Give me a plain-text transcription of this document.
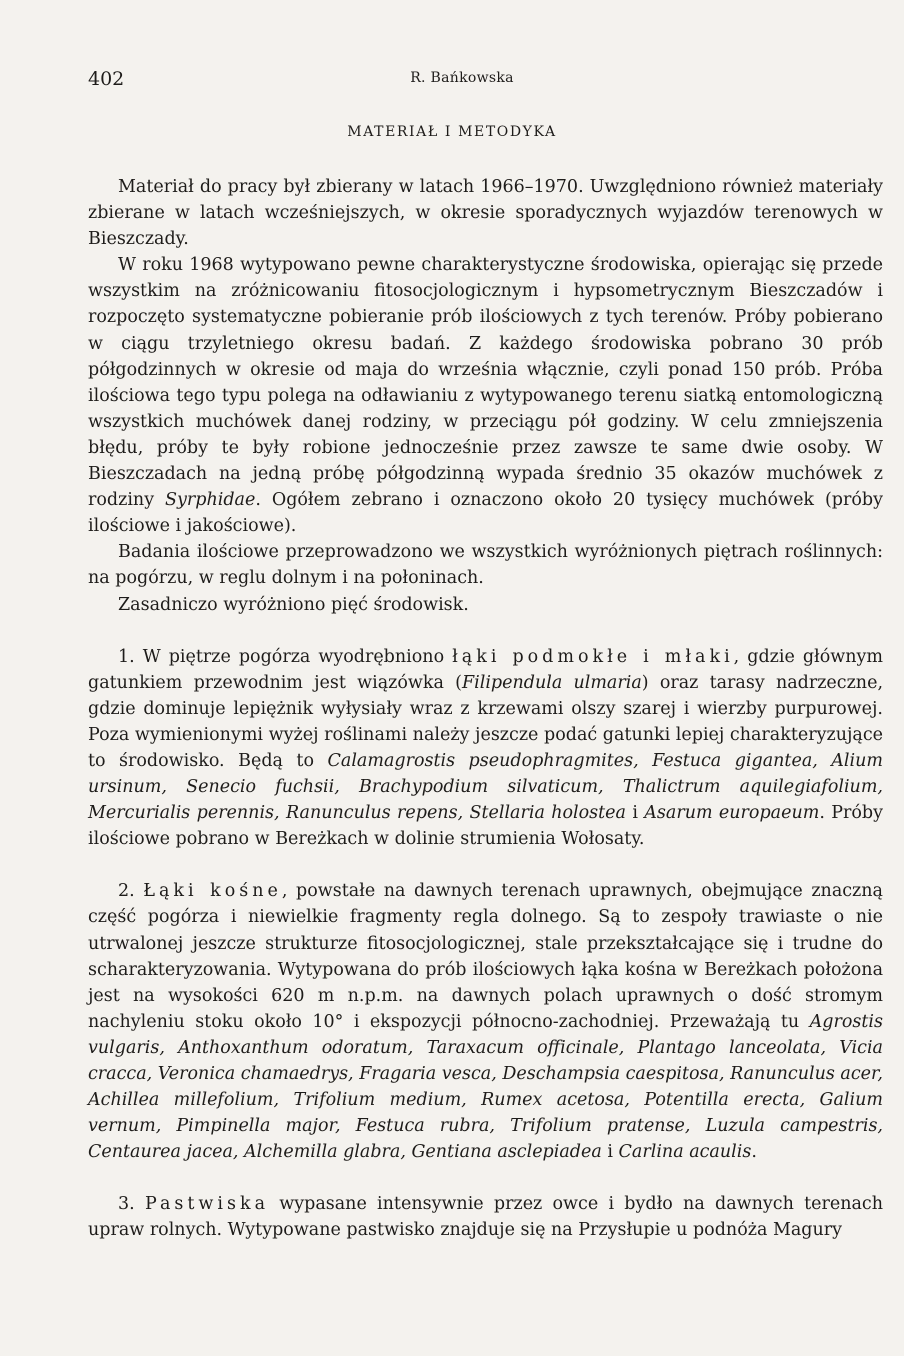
402	R. Bańkowska
MATERIAŁ I METODYKA

Materiał do pracy był zbierany w latach 1966–1970. Uwzględniono również materiały zbierane w latach wcześniejszych, w okresie sporadycznych wyjazdów terenowych w Bieszczady.

W roku 1968 wytypowano pewne charakterystyczne środowiska, opierając się przede wszystkim na zróżnicowaniu fitosocjologicznym i hypsometrycznym Bieszczadów i rozpoczęto systematyczne pobieranie prób ilościowych z tych terenów. Próby pobierano w ciągu trzyletniego okresu badań. Z każdego środowiska pobrano 30 prób półgodzinnych w okresie od maja do września włącznie, czyli ponad 150 prób. Próba ilościowa tego typu polega na odławianiu z wytypowanego terenu siatką entomologiczną wszystkich muchówek danej rodziny, w przeciągu pół godziny. W celu zmniejszenia błędu, próby te były robione jednocześnie przez zawsze te same dwie osoby. W Bieszczadach na jedną próbę półgodzinną wypada średnio 35 okazów muchówek z rodziny Syrphidae. Ogółem zebrano i oznaczono około 20 tysięcy muchówek (próby ilościowe i jakościowe).

Badania ilościowe przeprowadzono we wszystkich wyróżnionych piętrach roślinnych: na pogórzu, w reglu dolnym i na połoninach.

Zasadniczo wyróżniono pięć środowisk.

1. W piętrze pogórza wyodrębniono łąki podmokłe i młaki, gdzie głównym gatunkiem przewodnim jest wiązówka (Filipendula ulmaria) oraz tarasy nadrzeczne, gdzie dominuje lepiężnik wyłysiały wraz z krzewami olszy szarej i wierzby purpurowej. Poza wymienionymi wyżej roślinami należy jeszcze podać gatunki lepiej charakteryzujące to środowisko. Będą to Calamagrostis pseudophragmites, Festuca gigantea, Alium ursinum, Senecio fuchsii, Brachypodium silvaticum, Thalictrum aquilegiafolium, Mercurialis perennis, Ranunculus repens, Stellaria holostea i Asarum europaeum. Próby ilościowe pobrano w Bereżkach w dolinie strumienia Wołosaty.

2. Łąki kośne, powstałe na dawnych terenach uprawnych, obejmujące znaczną część pogórza i niewielkie fragmenty regla dolnego. Są to zespoły trawiaste o nie utrwalonej jeszcze strukturze fitosocjologicznej, stale przekształcające się i trudne do scharakteryzowania. Wytypowana do prób ilościowych łąka kośna w Bereżkach położona jest na wysokości 620 m n.p.m. na dawnych polach uprawnych o dość stromym nachyleniu stoku około 10° i ekspozycji północno-zachodniej. Przeważają tu Agrostis vulgaris, Anthoxanthum odoratum, Taraxacum officinale, Plantago lanceolata, Vicia cracca, Veronica chamaedrys, Fragaria vesca, Deschampsia caespitosa, Ranunculus acer, Achillea millefolium, Trifolium medium, Rumex acetosa, Potentilla erecta, Galium vernum, Pimpinella major, Festuca rubra, Trifolium pratense, Luzula campestris, Centaurea jacea, Alchemilla glabra, Gentiana asclepiadea i Carlina acaulis.

3. Pastwiska wypasane intensywnie przez owce i bydło na dawnych terenach upraw rolnych. Wytypowane pastwisko znajduje się na Przysłupie u podnóża Magury
